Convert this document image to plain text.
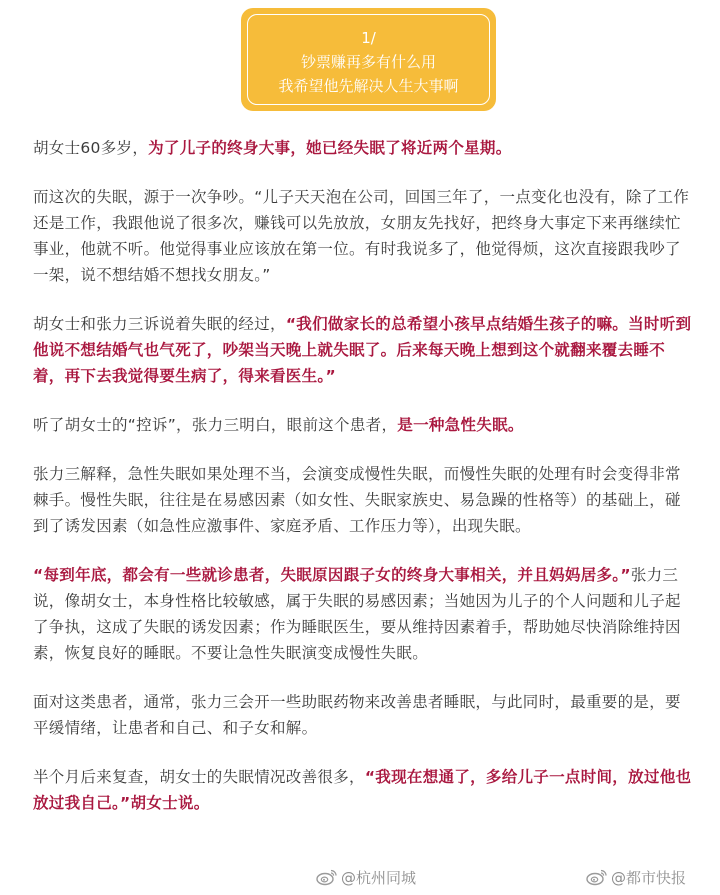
1/
钞票赚再多有什么用
我希望他先解决人生大事啊

胡女士60多岁，为了儿子的终身大事，她已经失眠了将近两个星期。

而这次的失眠，源于一次争吵。“儿子天天泡在公司，回国三年了，一点变化也没有，除了工作还是工作，我跟他说了很多次，赚钱可以先放放，女朋友先找好，把终身大事定下来再继续忙事业，他就不听。他觉得事业应该放在第一位。有时我说多了，他觉得烦，这次直接跟我吵了一架，说不想结婚不想找女朋友。”

胡女士和张力三诉说着失眠的经过，“我们做家长的总希望小孩早点结婚生孩子的嘛。当时听到他说不想结婚气也气死了，吵架当天晚上就失眠了。后来每天晚上想到这个就翻来覆去睡不着，再下去我觉得要生病了，得来看医生。”

听了胡女士的“控诉”，张力三明白，眼前这个患者，是一种急性失眠。

张力三解释，急性失眠如果处理不当，会演变成慢性失眠，而慢性失眠的处理有时会变得非常棘手。慢性失眠，往往是在易感因素（如女性、失眠家族史、易急躁的性格等）的基础上，碰到了诱发因素（如急性应激事件、家庭矛盾、工作压力等），出现失眠。

“每到年底，都会有一些就诊患者，失眠原因跟子女的终身大事相关，并且妈妈居多。”张力三说，像胡女士，本身性格比较敏感，属于失眠的易感因素；当她因为儿子的个人问题和儿子起了争执，这成了失眠的诱发因素；作为睡眠医生，要从维持因素着手，帮助她尽快消除维持因素，恢复良好的睡眠。不要让急性失眠演变成慢性失眠。

面对这类患者，通常，张力三会开一些助眠药物来改善患者睡眠，与此同时，最重要的是，要平缓情绪，让患者和自己、和子女和解。

半个月后来复查，胡女士的失眠情况改善很多，“我现在想通了，多给儿子一点时间，放过他也放过我自己。”胡女士说。

@杭州同城	@都市快报
